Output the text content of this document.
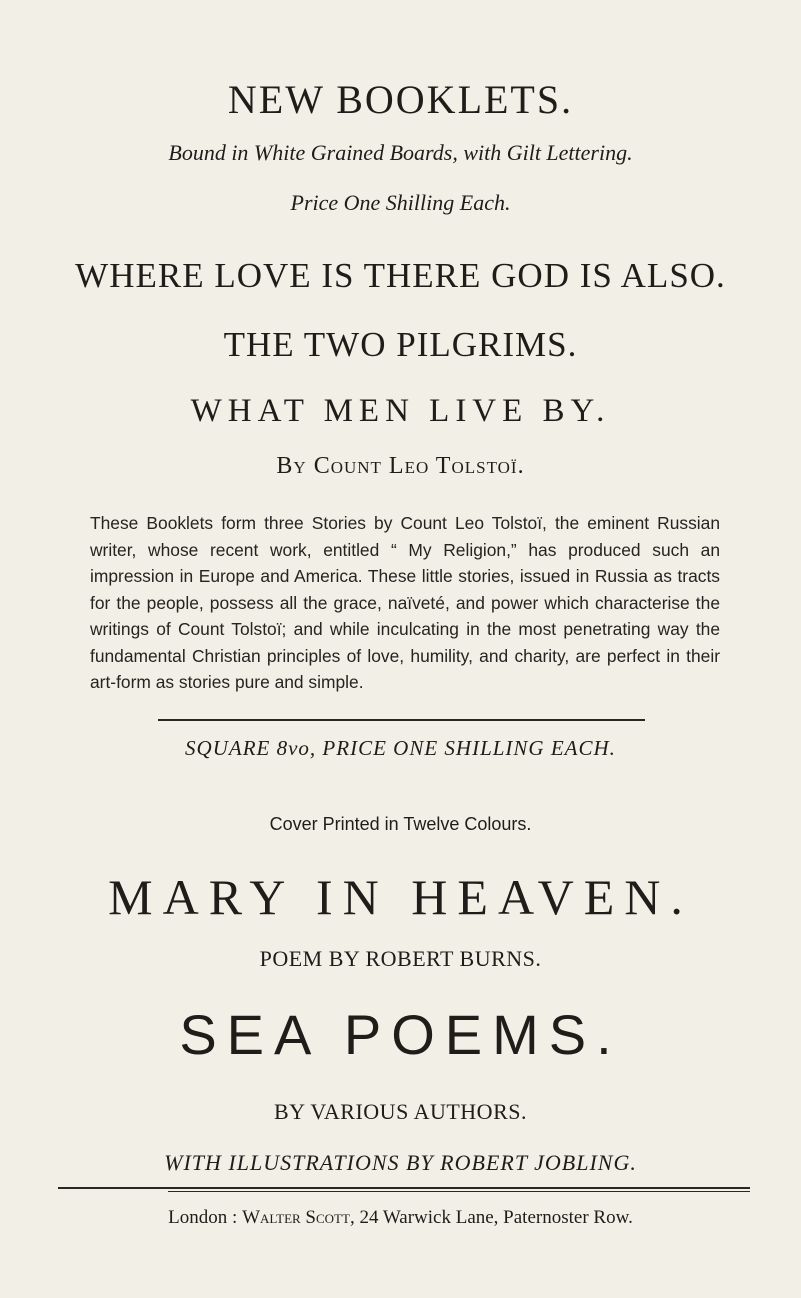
NEW BOOKLETS.
Bound in White Grained Boards, with Gilt Lettering.
Price One Shilling Each.
WHERE LOVE IS THERE GOD IS ALSO.
THE TWO PILGRIMS.
WHAT MEN LIVE BY.
By Count Leo Tolstoï.
These Booklets form three Stories by Count Leo Tolstoï, the eminent Russian writer, whose recent work, entitled “ My Religion,” has produced such an impression in Europe and America. These little stories, issued in Russia as tracts for the people, possess all the grace, naïveté, and power which characterise the writings of Count Tolstoï; and while inculcating in the most penetrating way the fundamental Christian principles of love, humility, and charity, are perfect in their art-form as stories pure and simple.
SQUARE 8vo, PRICE ONE SHILLING EACH.
Cover Printed in Twelve Colours.
MARY IN HEAVEN.
POEM BY ROBERT BURNS.
SEA POEMS.
BY VARIOUS AUTHORS.
WITH ILLUSTRATIONS BY ROBERT JOBLING.
London : Walter Scott, 24 Warwick Lane, Paternoster Row.
